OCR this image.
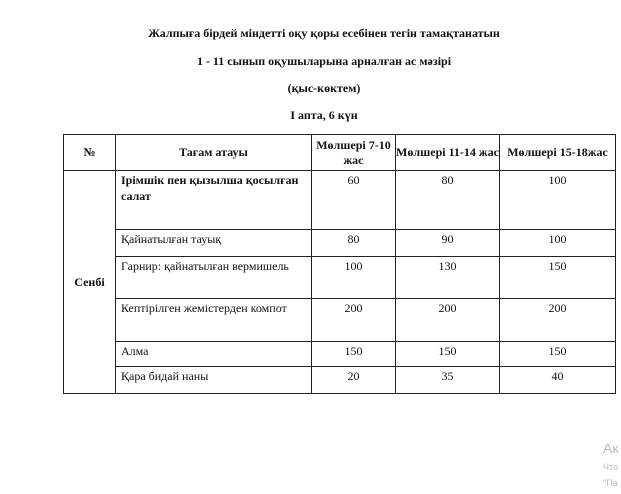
Жалпыға бірдей міндетті оқу қоры есебінен тегін тамақтанатын
1 - 11 сынып оқушыларына арналған ас мәзірі
(қыс-көктем)
І апта, 6 күн
№	Тағам атауы	Мөлшері 7-10 жас	Мөлшері 11-14 жас	Мөлшері 15-18жас
Сенбі	Ірімшік пен қызылша қосылған салат	60	80	100
	Қайнатылған тауық	80	90	100
	Гарнир: қайнатылған вермишель	100	130	150
	Кептірілген жемістерден компот	200	200	200
	Алма	150	150	150
	Қара бидай наны	20	35	40
Ак
Что
"Па
